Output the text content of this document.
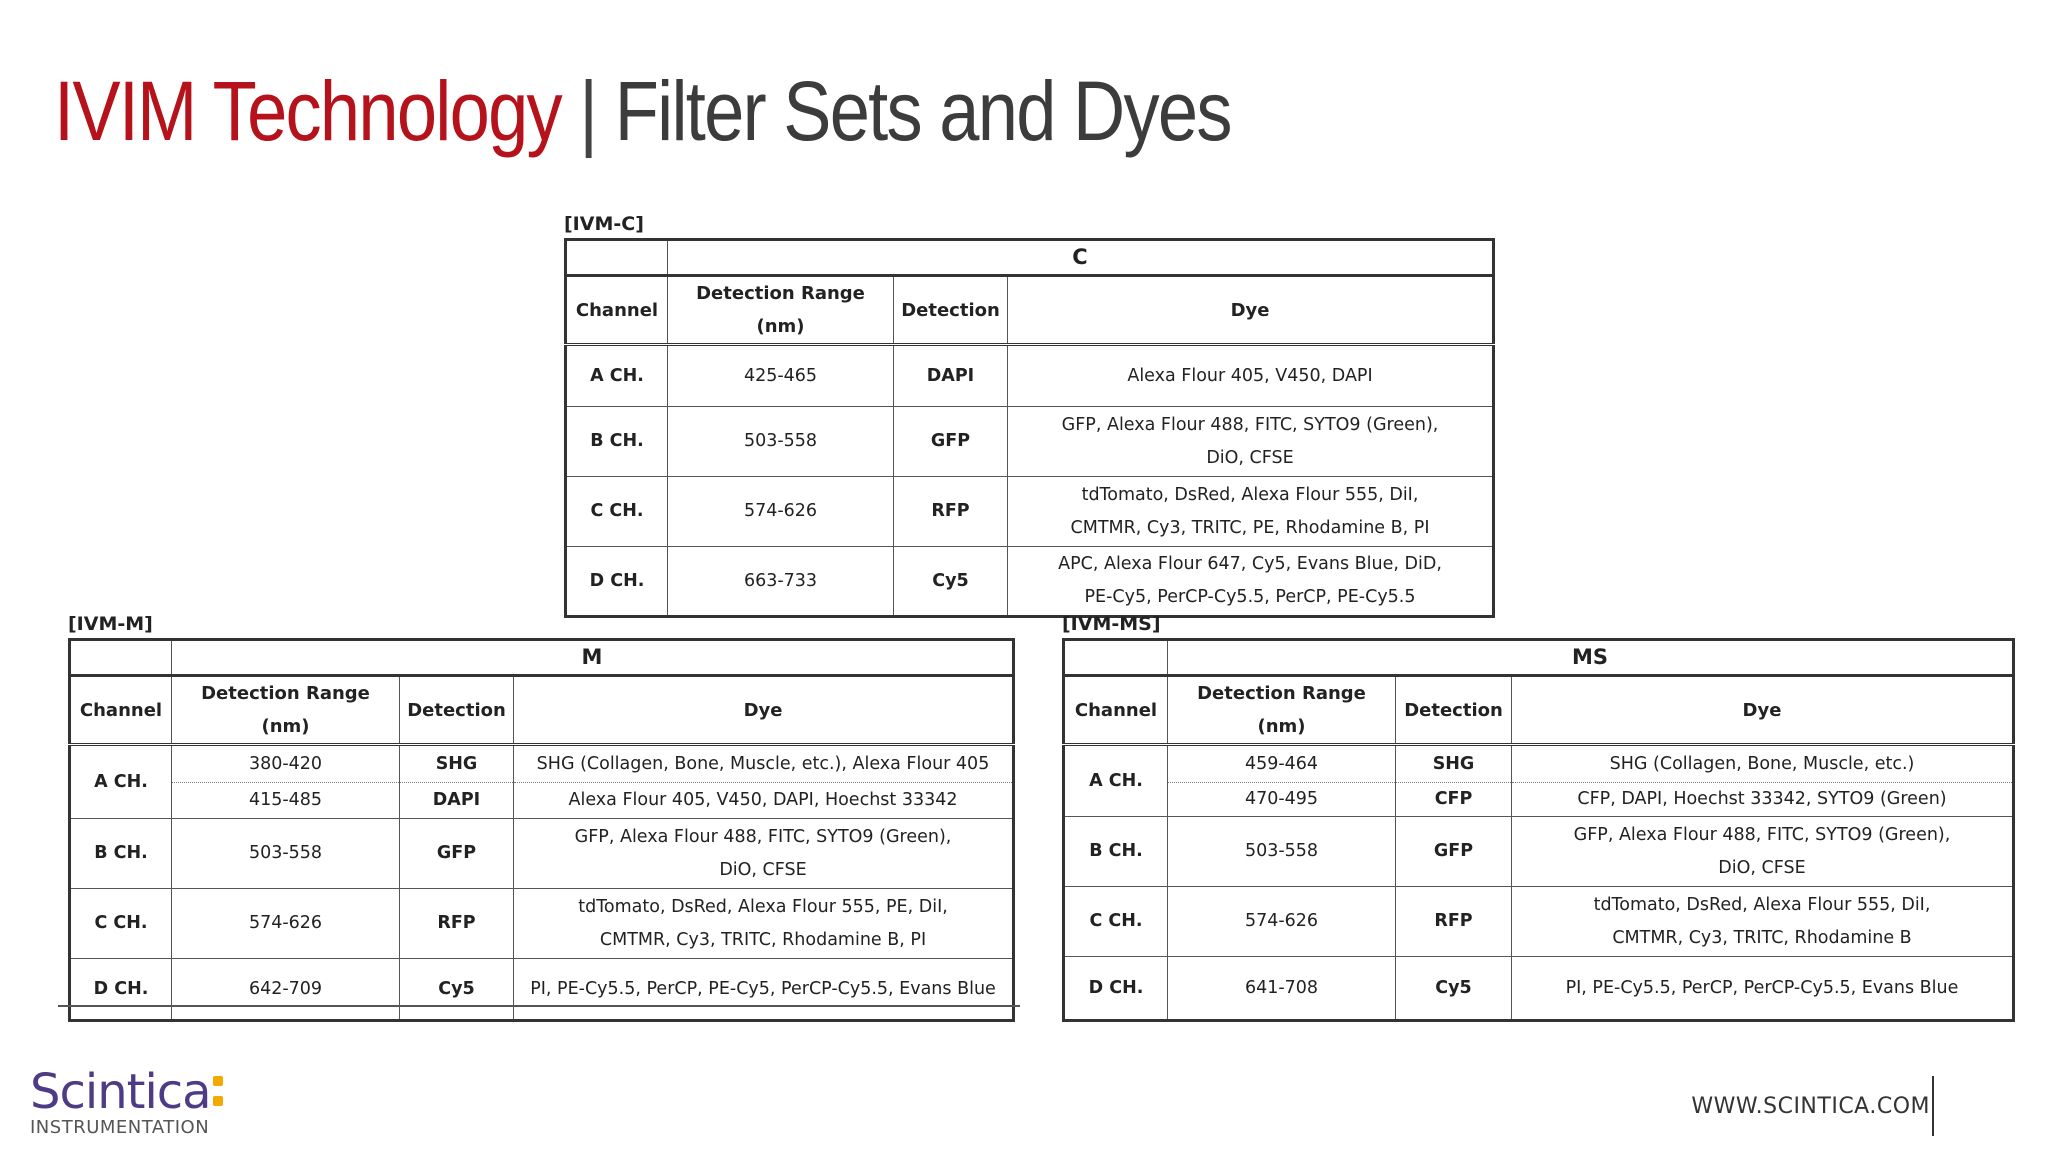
IVIM Technology | Filter Sets and Dyes
[IVM-C]
	C		
Channel	Detection Range (nm)	Detection	Dye
A CH.	425-465	DAPI	Alexa Flour 405, V450, DAPI
B CH.	503-558	GFP	GFP, Alexa Flour 488, FITC, SYTO9 (Green),
DiO, CFSE

C CH.	574-626	RFP	tdTomato, DsRed, Alexa Flour 555, DiI,
CMTMR, Cy3, TRITC, PE, Rhodamine B, PI

D CH.	663-733	Cy5	APC, Alexa Flour 647, Cy5, Evans Blue, DiD,
PE-Cy5, PerCP-Cy5.5, PerCP, PE-Cy5.5
[IVM-M]
	M		
Channel	Detection Range (nm)	Detection	Dye
A CH.	380-420	SHG	SHG (Collagen, Bone, Muscle, etc.), Alexa Flour 405
	415-485	DAPI	Alexa Flour 405, V450, DAPI, Hoechst 33342
B CH.	503-558	GFP	GFP, Alexa Flour 488, FITC, SYTO9 (Green),
DiO, CFSE

C CH.	574-626	RFP	tdTomato, DsRed, Alexa Flour 555, PE, DiI,
CMTMR, Cy3, TRITC, Rhodamine B, PI

D CH.	642-709	Cy5	PI, PE-Cy5.5, PerCP, PE-Cy5, PerCP-Cy5.5, Evans Blue
[IVM-MS]
	MS		
Channel	Detection Range (nm)	Detection	Dye
A CH.	459-464	SHG	SHG (Collagen, Bone, Muscle, etc.)
	470-495	CFP	CFP, DAPI, Hoechst 33342, SYTO9 (Green)
B CH.	503-558	GFP	GFP, Alexa Flour 488, FITC, SYTO9 (Green),
DiO, CFSE

C CH.	574-626	RFP	tdTomato, DsRed, Alexa Flour 555, DiI,
CMTMR, Cy3, TRITC, Rhodamine B

D CH.	641-708	Cy5	PI, PE-Cy5.5, PerCP, PerCP-Cy5.5, Evans Blue
Scintica
INSTRUMENTATION
WWW.SCINTICA.COM
